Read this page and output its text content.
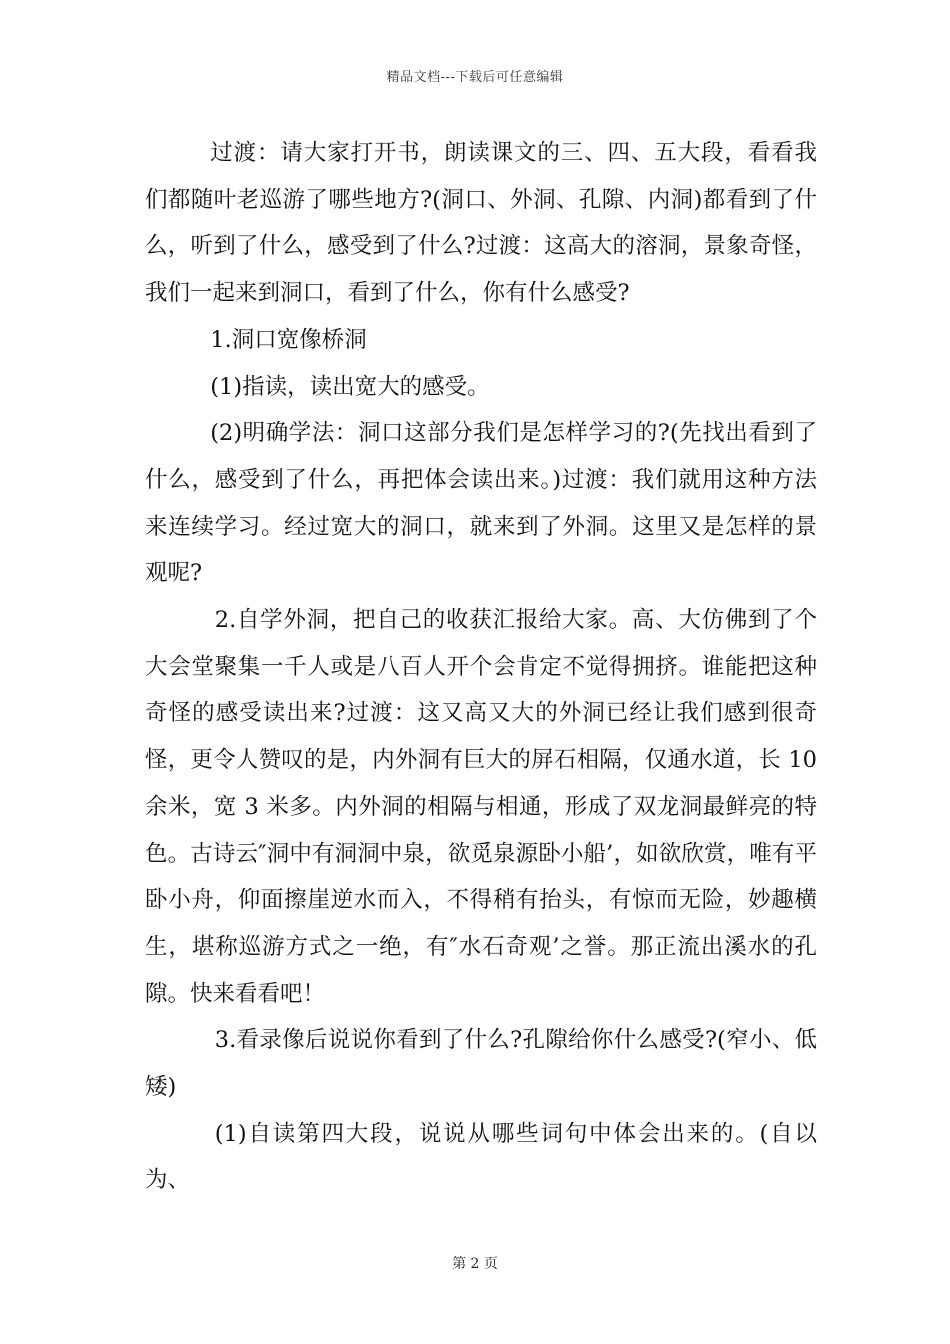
精品文档---下载后可任意编辑

过渡：请大家打开书，朗读课文的三、四、五大段，看看我们都随叶老巡游了哪些地方?(洞口、外洞、孔隙、内洞)都看到了什么，听到了什么，感受到了什么?过渡：这高大的溶洞，景象奇怪，我们一起来到洞口，看到了什么，你有什么感受?

1.洞口宽像桥洞

(1)指读，读出宽大的感受。

(2)明确学法：洞口这部分我们是怎样学习的?(先找出看到了什么，感受到了什么，再把体会读出来。)过渡：我们就用这种方法来连续学习。经过宽大的洞口，就来到了外洞。这里又是怎样的景观呢?

2.自学外洞，把自己的收获汇报给大家。高、大仿佛到了个大会堂聚集一千人或是八百人开个会肯定不觉得拥挤。谁能把这种奇怪的感受读出来?过渡：这又高又大的外洞已经让我们感到很奇怪，更令人赞叹的是，内外洞有巨大的屏石相隔，仅通水道，长 10 余米，宽 3 米多。内外洞的相隔与相通，形成了双龙洞最鲜亮的特色。古诗云″洞中有洞洞中泉，欲觅泉源卧小船’，如欲欣赏，唯有平卧小舟，仰面擦崖逆水而入，不得稍有抬头，有惊而无险，妙趣横生，堪称巡游方式之一绝，有″水石奇观’之誉。那正流出溪水的孔隙。快来看看吧！

3.看录像后说说你看到了什么?孔隙给你什么感受?(窄小、低矮)

(1)自读第四大段，说说从哪些词句中体会出来的。(自以为、

第 2 页
